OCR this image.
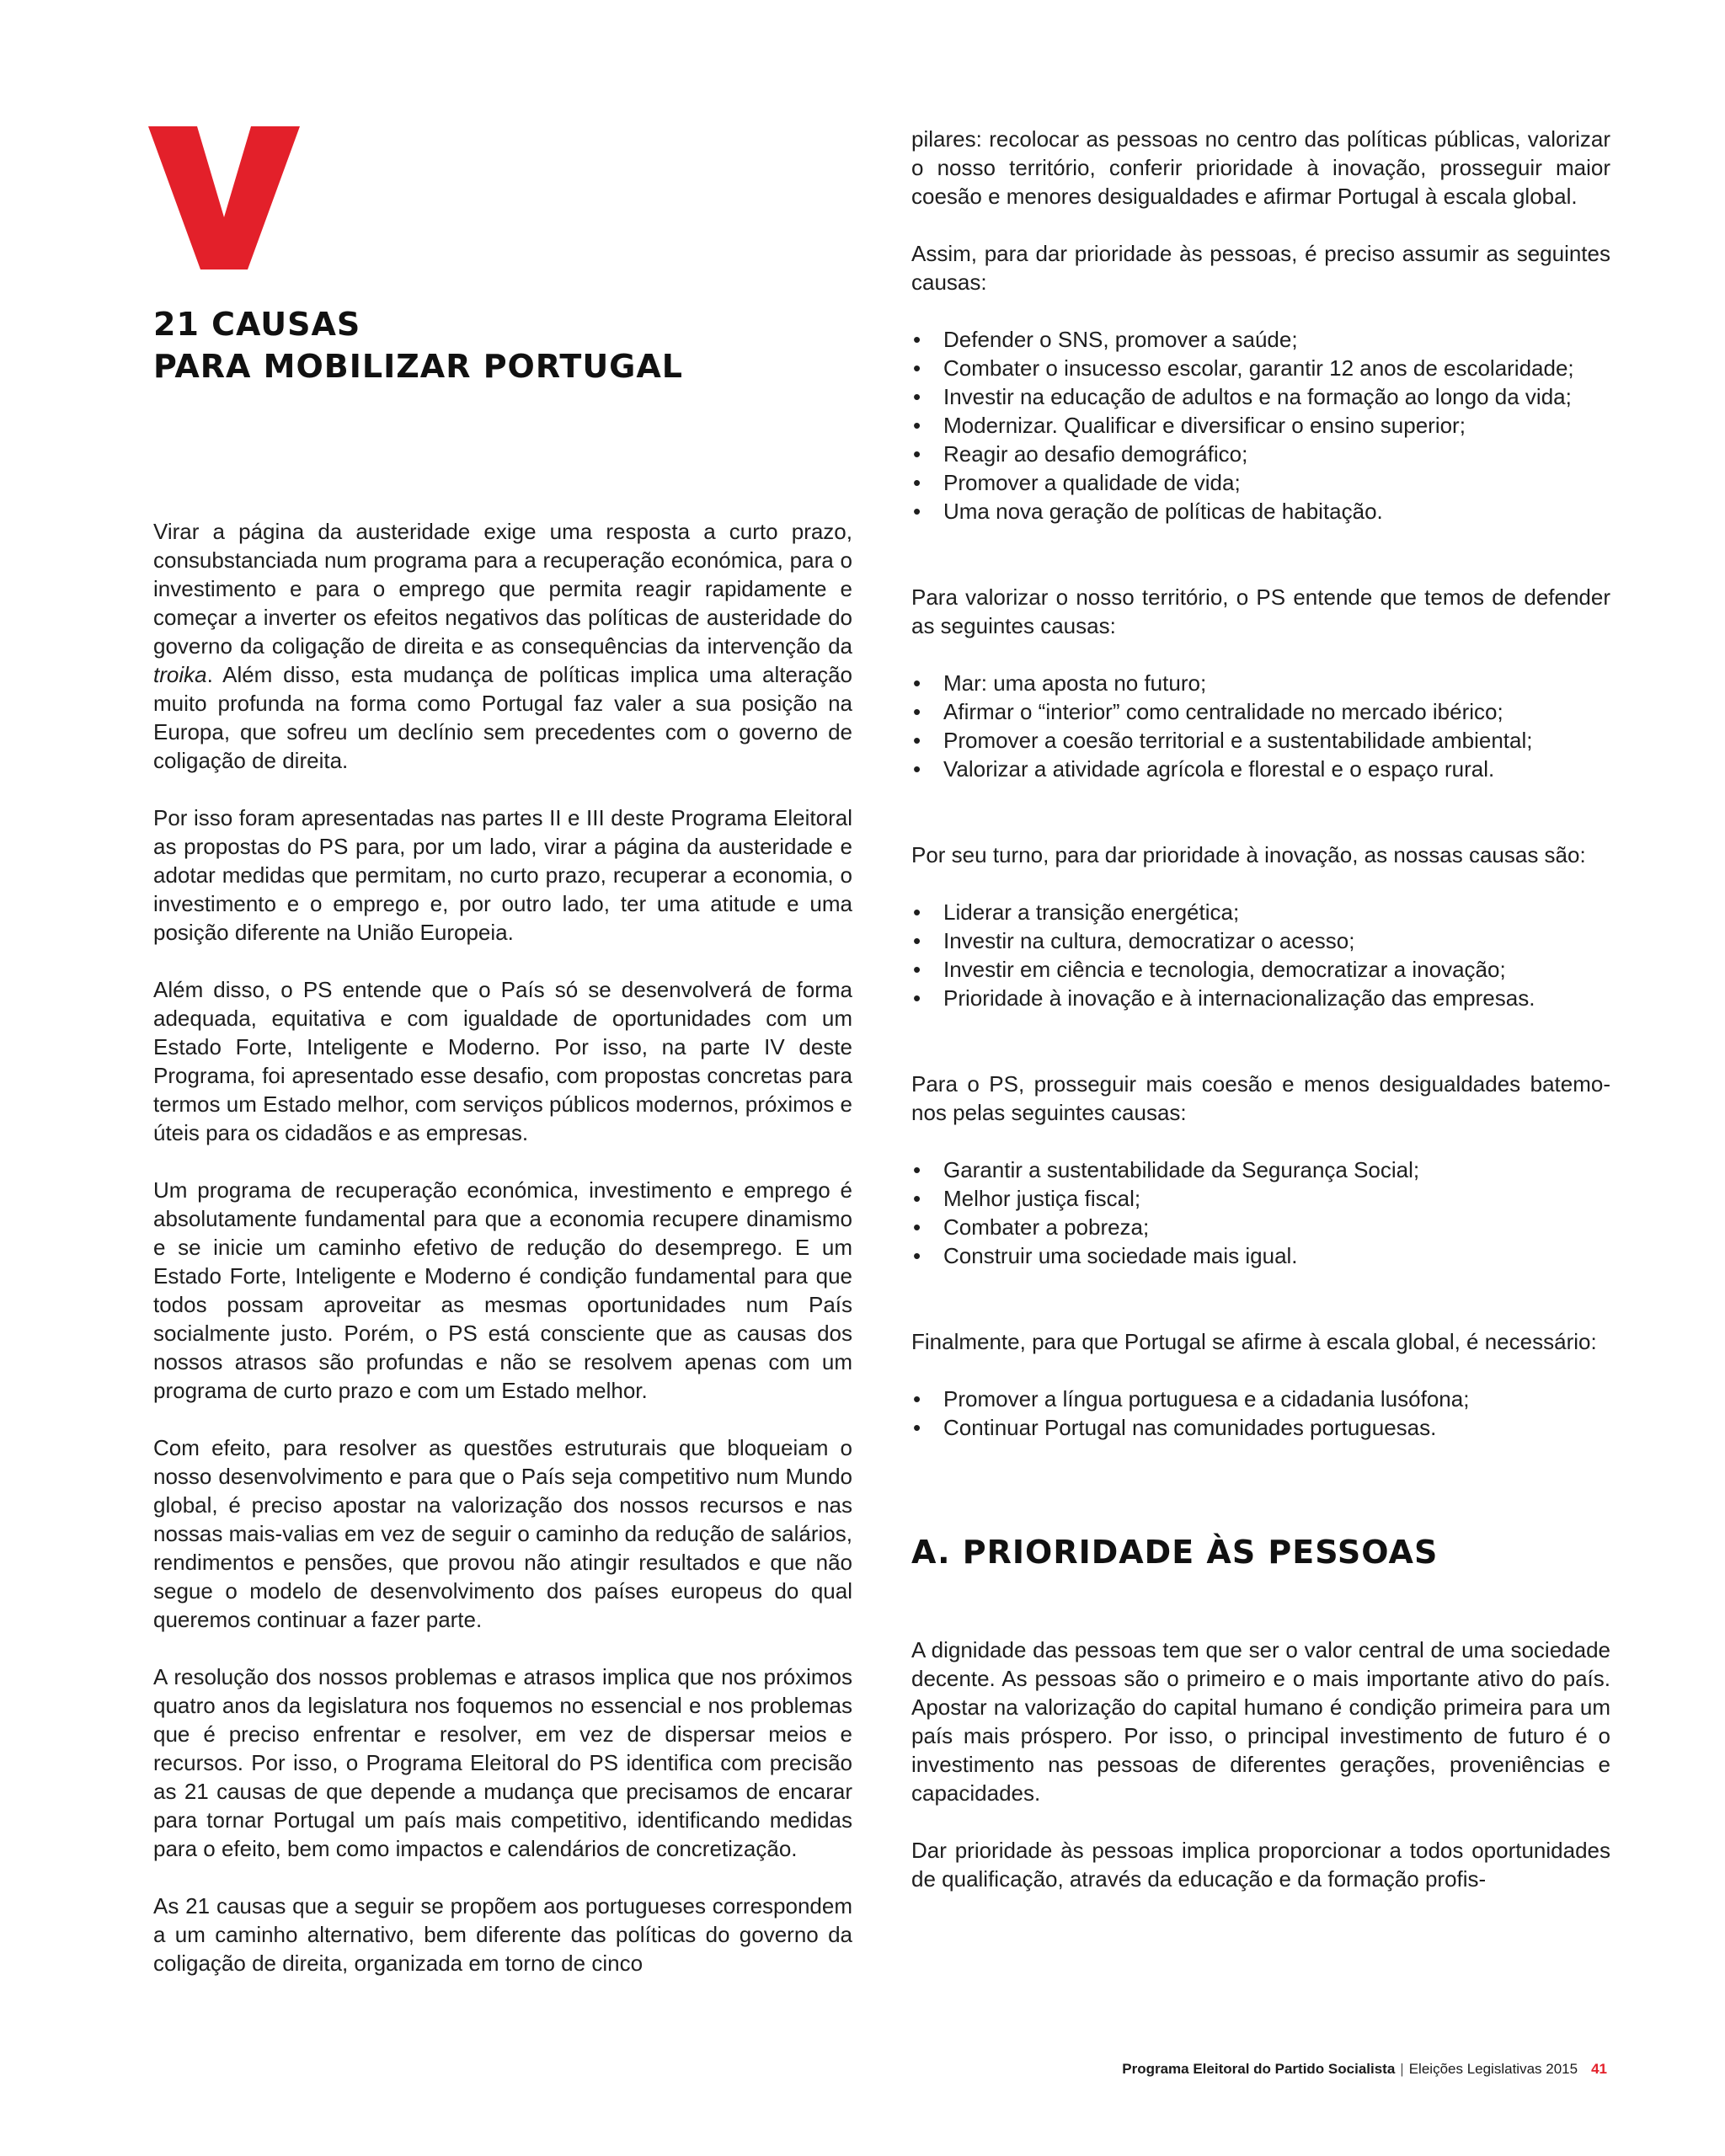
21 CAUSAS
PARA MOBILIZAR PORTUGAL

Virar a página da austeridade exige uma resposta a curto prazo, consubstanciada num programa para a recuperação económica, para o investimento e para o emprego que permita reagir rapidamente e começar a inverter os efeitos negativos das políticas de austeridade do governo da coligação de direita e as consequências da intervenção da troika. Além disso, esta mudança de políticas implica uma alteração muito profunda na forma como Portugal faz valer a sua posição na Europa, que sofreu um declínio sem precedentes com o governo de coligação de direita.

Por isso foram apresentadas nas partes II e III deste Programa Eleitoral as propostas do PS para, por um lado, virar a página da austeridade e adotar medidas que permitam, no curto prazo, recuperar a economia, o investimento e o emprego e, por outro lado, ter uma atitude e uma posição diferente na União Europeia.

Além disso, o PS entende que o País só se desenvolverá de forma adequada, equitativa e com igualdade de oportunidades com um Estado Forte, Inteligente e Moderno. Por isso, na parte IV deste Programa, foi apresentado esse desafio, com propostas concretas para termos um Estado melhor, com serviços públicos modernos, próximos e úteis para os cidadãos e as empresas.

Um programa de recuperação económica, investimento e emprego é absolutamente fundamental para que a economia recupere dinamismo e se inicie um caminho efetivo de redução do desemprego. E um Estado Forte, Inteligente e Moderno é condição fundamental para que todos possam aproveitar as mesmas oportunidades num País socialmente justo. Porém, o PS está consciente que as causas dos nossos atrasos são profundas e não se resolvem apenas com um programa de curto prazo e com um Estado melhor.

Com efeito, para resolver as questões estruturais que bloqueiam o nosso desenvolvimento e para que o País seja competitivo num Mundo global, é preciso apostar na valorização dos nossos recursos e nas nossas mais-valias em vez de seguir o caminho da redução de salários, rendimentos e pensões, que provou não atingir resultados e que não segue o modelo de desenvolvimento dos países europeus do qual queremos continuar a fazer parte.

A resolução dos nossos problemas e atrasos implica que nos próximos quatro anos da legislatura nos foquemos no essencial e nos problemas que é preciso enfrentar e resolver, em vez de dispersar meios e recursos. Por isso, o Programa Eleitoral do PS identifica com precisão as 21 causas de que depende a mudança que precisamos de encarar para tornar Portugal um país mais competitivo, identificando medidas para o efeito, bem como impactos e calendários de concretização.

As 21 causas que a seguir se propõem aos portugueses correspondem a um caminho alternativo, bem diferente das políticas do governo da coligação de direita, organizada em torno de cinco

pilares: recolocar as pessoas no centro das políticas públicas, valorizar o nosso território, conferir prioridade à inovação, prosseguir maior coesão e menores desigualdades e afirmar Portugal à escala global.

Assim, para dar prioridade às pessoas, é preciso assumir as seguintes causas:

• Defender o SNS, promover a saúde;
• Combater o insucesso escolar, garantir 12 anos de escolaridade;
• Investir na educação de adultos e na formação ao longo da vida;
• Modernizar. Qualificar e diversificar o ensino superior;
• Reagir ao desafio demográfico;
• Promover a qualidade de vida;
• Uma nova geração de políticas de habitação.

Para valorizar o nosso território, o PS entende que temos de defender as seguintes causas:

• Mar: uma aposta no futuro;
• Afirmar o “interior” como centralidade no mercado ibérico;
• Promover a coesão territorial e a sustentabilidade ambiental;
• Valorizar a atividade agrícola e florestal e o espaço rural.

Por seu turno, para dar prioridade à inovação, as nossas causas são:

• Liderar a transição energética;
• Investir na cultura, democratizar o acesso;
• Investir em ciência e tecnologia, democratizar a inovação;
• Prioridade à inovação e à internacionalização das empresas.

Para o PS, prosseguir mais coesão e menos desigualdades batemo-nos pelas seguintes causas:

• Garantir a sustentabilidade da Segurança Social;
• Melhor justiça fiscal;
• Combater a pobreza;
• Construir uma sociedade mais igual.

Finalmente, para que Portugal se afirme à escala global, é necessário:

• Promover a língua portuguesa e a cidadania lusófona;
• Continuar Portugal nas comunidades portuguesas.
A. PRIORIDADE ÀS PESSOAS

A dignidade das pessoas tem que ser o valor central de uma sociedade decente. As pessoas são o primeiro e o mais importante ativo do país. Apostar na valorização do capital humano é condição primeira para um país mais próspero. Por isso, o principal investimento de futuro é o investimento nas pessoas de diferentes gerações, proveniências e capacidades.

Dar prioridade às pessoas implica proporcionar a todos oportunidades de qualificação, através da educação e da formação profis-

Programa Eleitoral do Partido Socialista | Eleições Legislativas 2015 41
